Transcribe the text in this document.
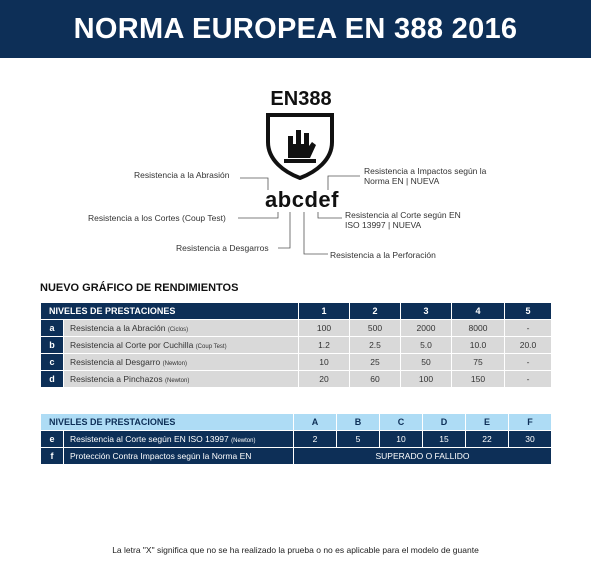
NORMA EUROPEA EN 388 2016
EN388
abcdef
Resistencia a la Abrasión
Resistencia a los Cortes (Coup Test)
Resistencia a Desgarros
Resistencia a Impactos según la Norma EN | NUEVA
Resistencia al Corte según EN ISO 13997 | NUEVA
Resistencia a la Perforación
NUEVO GRÁFICO DE RENDIMIENTOS
NIVELES DE PRESTACIONES		1	2	3	4	5
a	Resistencia a la Abración (Ciclos)	100	500	2000	8000	-
b	Resistencia al Corte por Cuchilla (Coup Test)	1.2	2.5	5.0	10.0	20.0
c	Resistencia al Desgarro (Newton)	10	25	50	75	-
d	Resistencia a Pinchazos (Newton)	20	60	100	150	-
NIVELES DE PRESTACIONES		A	B	C	D	E	F
e	Resistencia al Corte según EN ISO 13997 (Newton)	2	5	10	15	22	30
f	Protección Contra Impactos según la Norma EN	SUPERADO O FALLIDO					
La letra "X" significa que no se ha realizado la prueba o no es aplicable para el modelo de guante
